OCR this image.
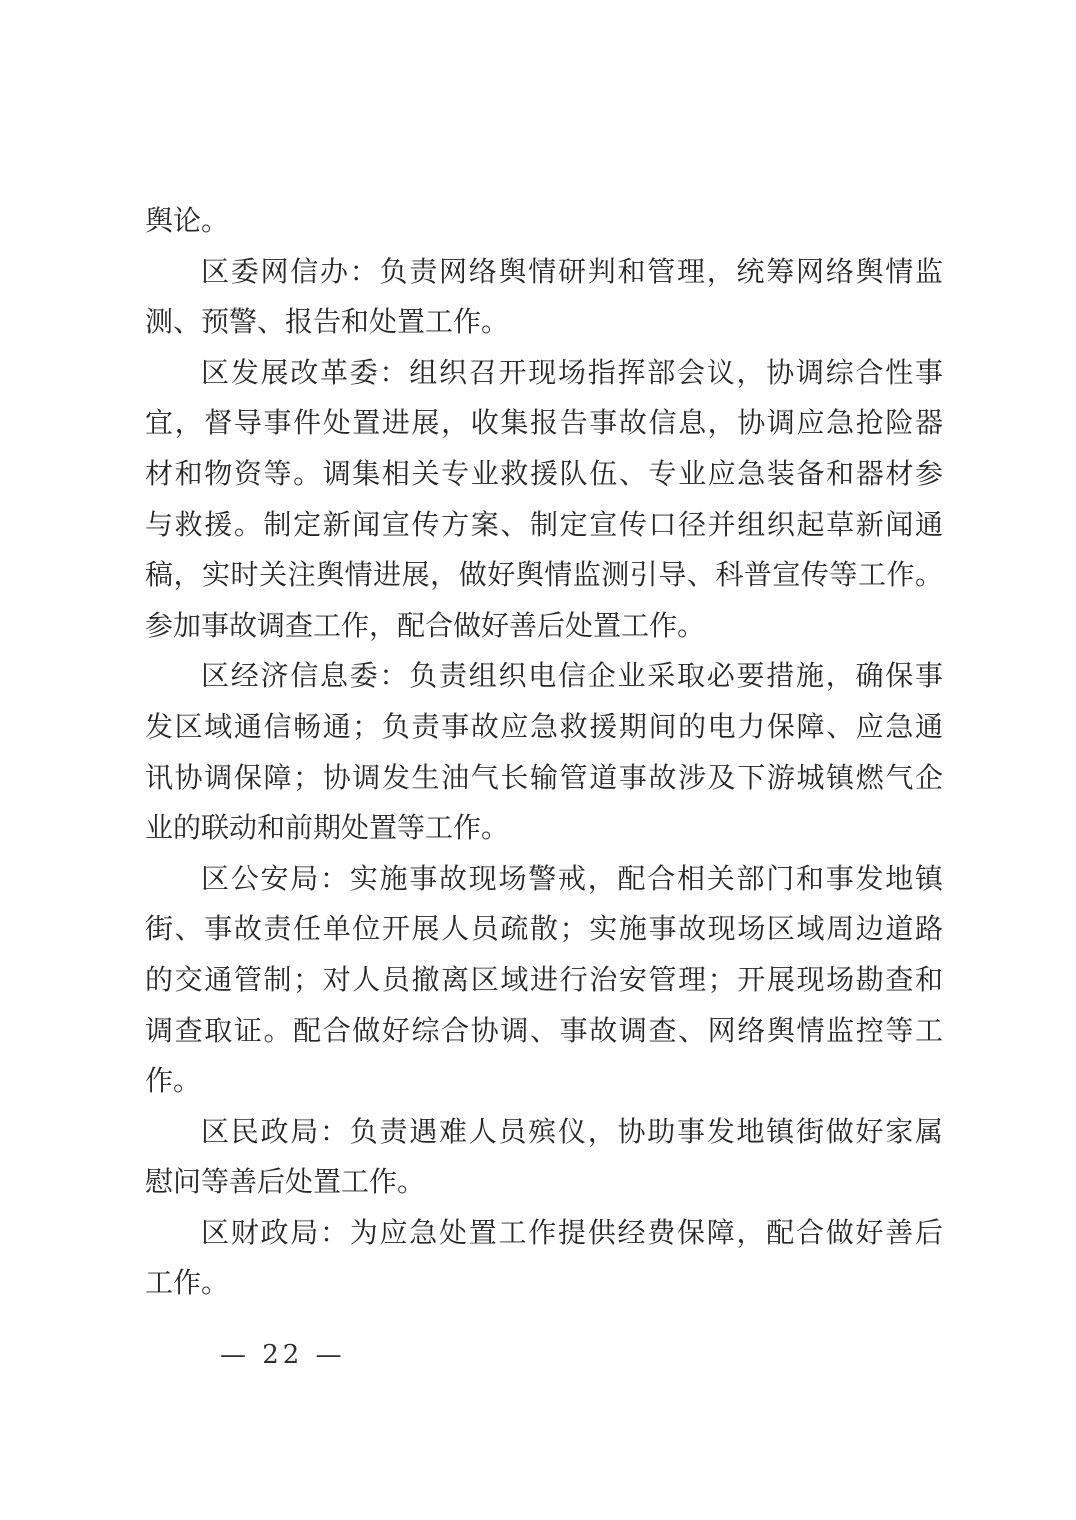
舆论。
区委网信办：负责网络舆情研判和管理，统筹网络舆情监
测、预警、报告和处置工作。
区发展改革委：组织召开现场指挥部会议，协调综合性事
宜，督导事件处置进展，收集报告事故信息，协调应急抢险器
材和物资等。调集相关专业救援队伍、专业应急装备和器材参
与救援。制定新闻宣传方案、制定宣传口径并组织起草新闻通
稿，实时关注舆情进展，做好舆情监测引导、科普宣传等工作。
参加事故调查工作，配合做好善后处置工作。
区经济信息委：负责组织电信企业采取必要措施，确保事
发区域通信畅通；负责事故应急救援期间的电力保障、应急通
讯协调保障；协调发生油气长输管道事故涉及下游城镇燃气企
业的联动和前期处置等工作。
区公安局：实施事故现场警戒，配合相关部门和事发地镇
街、事故责任单位开展人员疏散；实施事故现场区域周边道路
的交通管制；对人员撤离区域进行治安管理；开展现场勘查和
调查取证。配合做好综合协调、事故调查、网络舆情监控等工
作。
区民政局：负责遇难人员殡仪，协助事发地镇街做好家属
慰问等善后处置工作。
区财政局：为应急处置工作提供经费保障，配合做好善后
工作。
— 22 —
